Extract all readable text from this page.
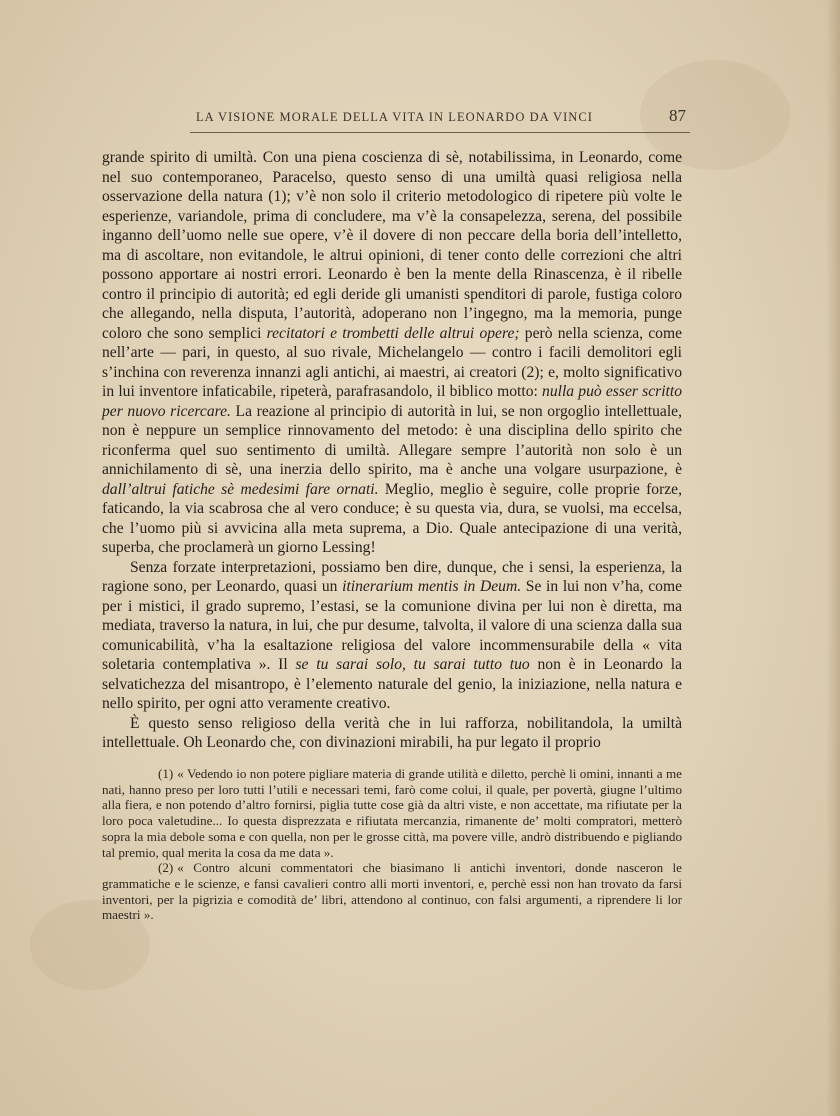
LA VISIONE MORALE DELLA VITA IN LEONARDO DA VINCI	87

grande spirito di umiltà. Con una piena coscienza di sè, notabilissima, in Leonardo, come nel suo contemporaneo, Paracelso, questo senso di una umiltà quasi religiosa nella osservazione della natura (1); v’è non solo il criterio metodologico di ripetere più volte le esperienze, variandole, prima di concludere, ma v’è la consapelezza, serena, del possibile inganno dell’uomo nelle sue opere, v’è il dovere di non peccare della boria dell’intelletto, ma di ascoltare, non evitandole, le altrui opinioni, di tener conto delle correzioni che altri possono apportare ai nostri errori. Leonardo è ben la mente della Rinascenza, è il ribelle contro il principio di autorità; ed egli deride gli umanisti spenditori di parole, fustiga coloro che allegando, nella disputa, l’autorità, adoperano non l’ingegno, ma la memoria, punge coloro che sono semplici recitatori e trombetti delle altrui opere; però nella scienza, come nell’arte — pari, in questo, al suo rivale, Michelangelo — contro i facili demolitori egli s’inchina con reverenza innanzi agli antichi, ai maestri, ai creatori (2); e, molto significativo in lui inventore infaticabile, ripeterà, parafrasandolo, il biblico motto: nulla può esser scritto per nuovo ricercare. La reazione al principio di autorità in lui, se non orgoglio intellettuale, non è neppure un semplice rinnovamento del metodo: è una disciplina dello spirito che riconferma quel suo sentimento di umiltà. Allegare sempre l’autorità non solo è un annichilamento di sè, una inerzia dello spirito, ma è anche una volgare usurpazione, è dall’altrui fatiche sè medesimi fare ornati. Meglio, meglio è seguire, colle proprie forze, faticando, la via scabrosa che al vero conduce; è su questa via, dura, se vuolsi, ma eccelsa, che l’uomo più si avvicina alla meta suprema, a Dio. Quale antecipazione di una verità, superba, che proclamerà un giorno Lessing!

Senza forzate interpretazioni, possiamo ben dire, dunque, che i sensi, la esperienza, la ragione sono, per Leonardo, quasi un itinerarium mentis in Deum. Se in lui non v’ha, come per i mistici, il grado supremo, l’estasi, se la comunione divina per lui non è diretta, ma mediata, traverso la natura, in lui, che pur desume, talvolta, il valore di una scienza dalla sua comunicabilità, v’ha la esaltazione religiosa del valore incommensurabile della « vita soletaria contemplativa ». Il se tu sarai solo, tu sarai tutto tuo non è in Leonardo la selvatichezza del misantropo, è l’elemento naturale del genio, la iniziazione, nella natura e nello spirito, per ogni atto veramente creativo.

È questo senso religioso della verità che in lui rafforza, nobilitandola, la umiltà intellettuale. Oh Leonardo che, con divinazioni mirabili, ha pur legato il proprio

(1) « Vedendo io non potere pigliare materia di grande utilità e diletto, perchè li omini, innanti a me nati, hanno preso per loro tutti l’utili e necessari temi, farò come colui, il quale, per povertà, giugne l’ultimo alla fiera, e non potendo d’altro fornirsi, piglia tutte cose già da altri viste, e non accettate, ma rifiutate per la loro poca valetudine... Io questa disprezzata e rifiutata mercanzia, rimanente de’ molti compratori, metterò sopra la mia debole soma e con quella, non per le grosse città, ma povere ville, andrò distribuendo e pigliando tal premio, qual merita la cosa da me data ».

(2) « Contro alcuni commentatori che biasimano li antichi inventori, donde nasceron le grammatiche e le scienze, e fansi cavalieri contro alli morti inventori, e, perchè essi non han trovato da farsi inventori, per la pigrizia e comodità de’ libri, attendono al continuo, con falsi argumenti, a riprendere li lor maestri ».
